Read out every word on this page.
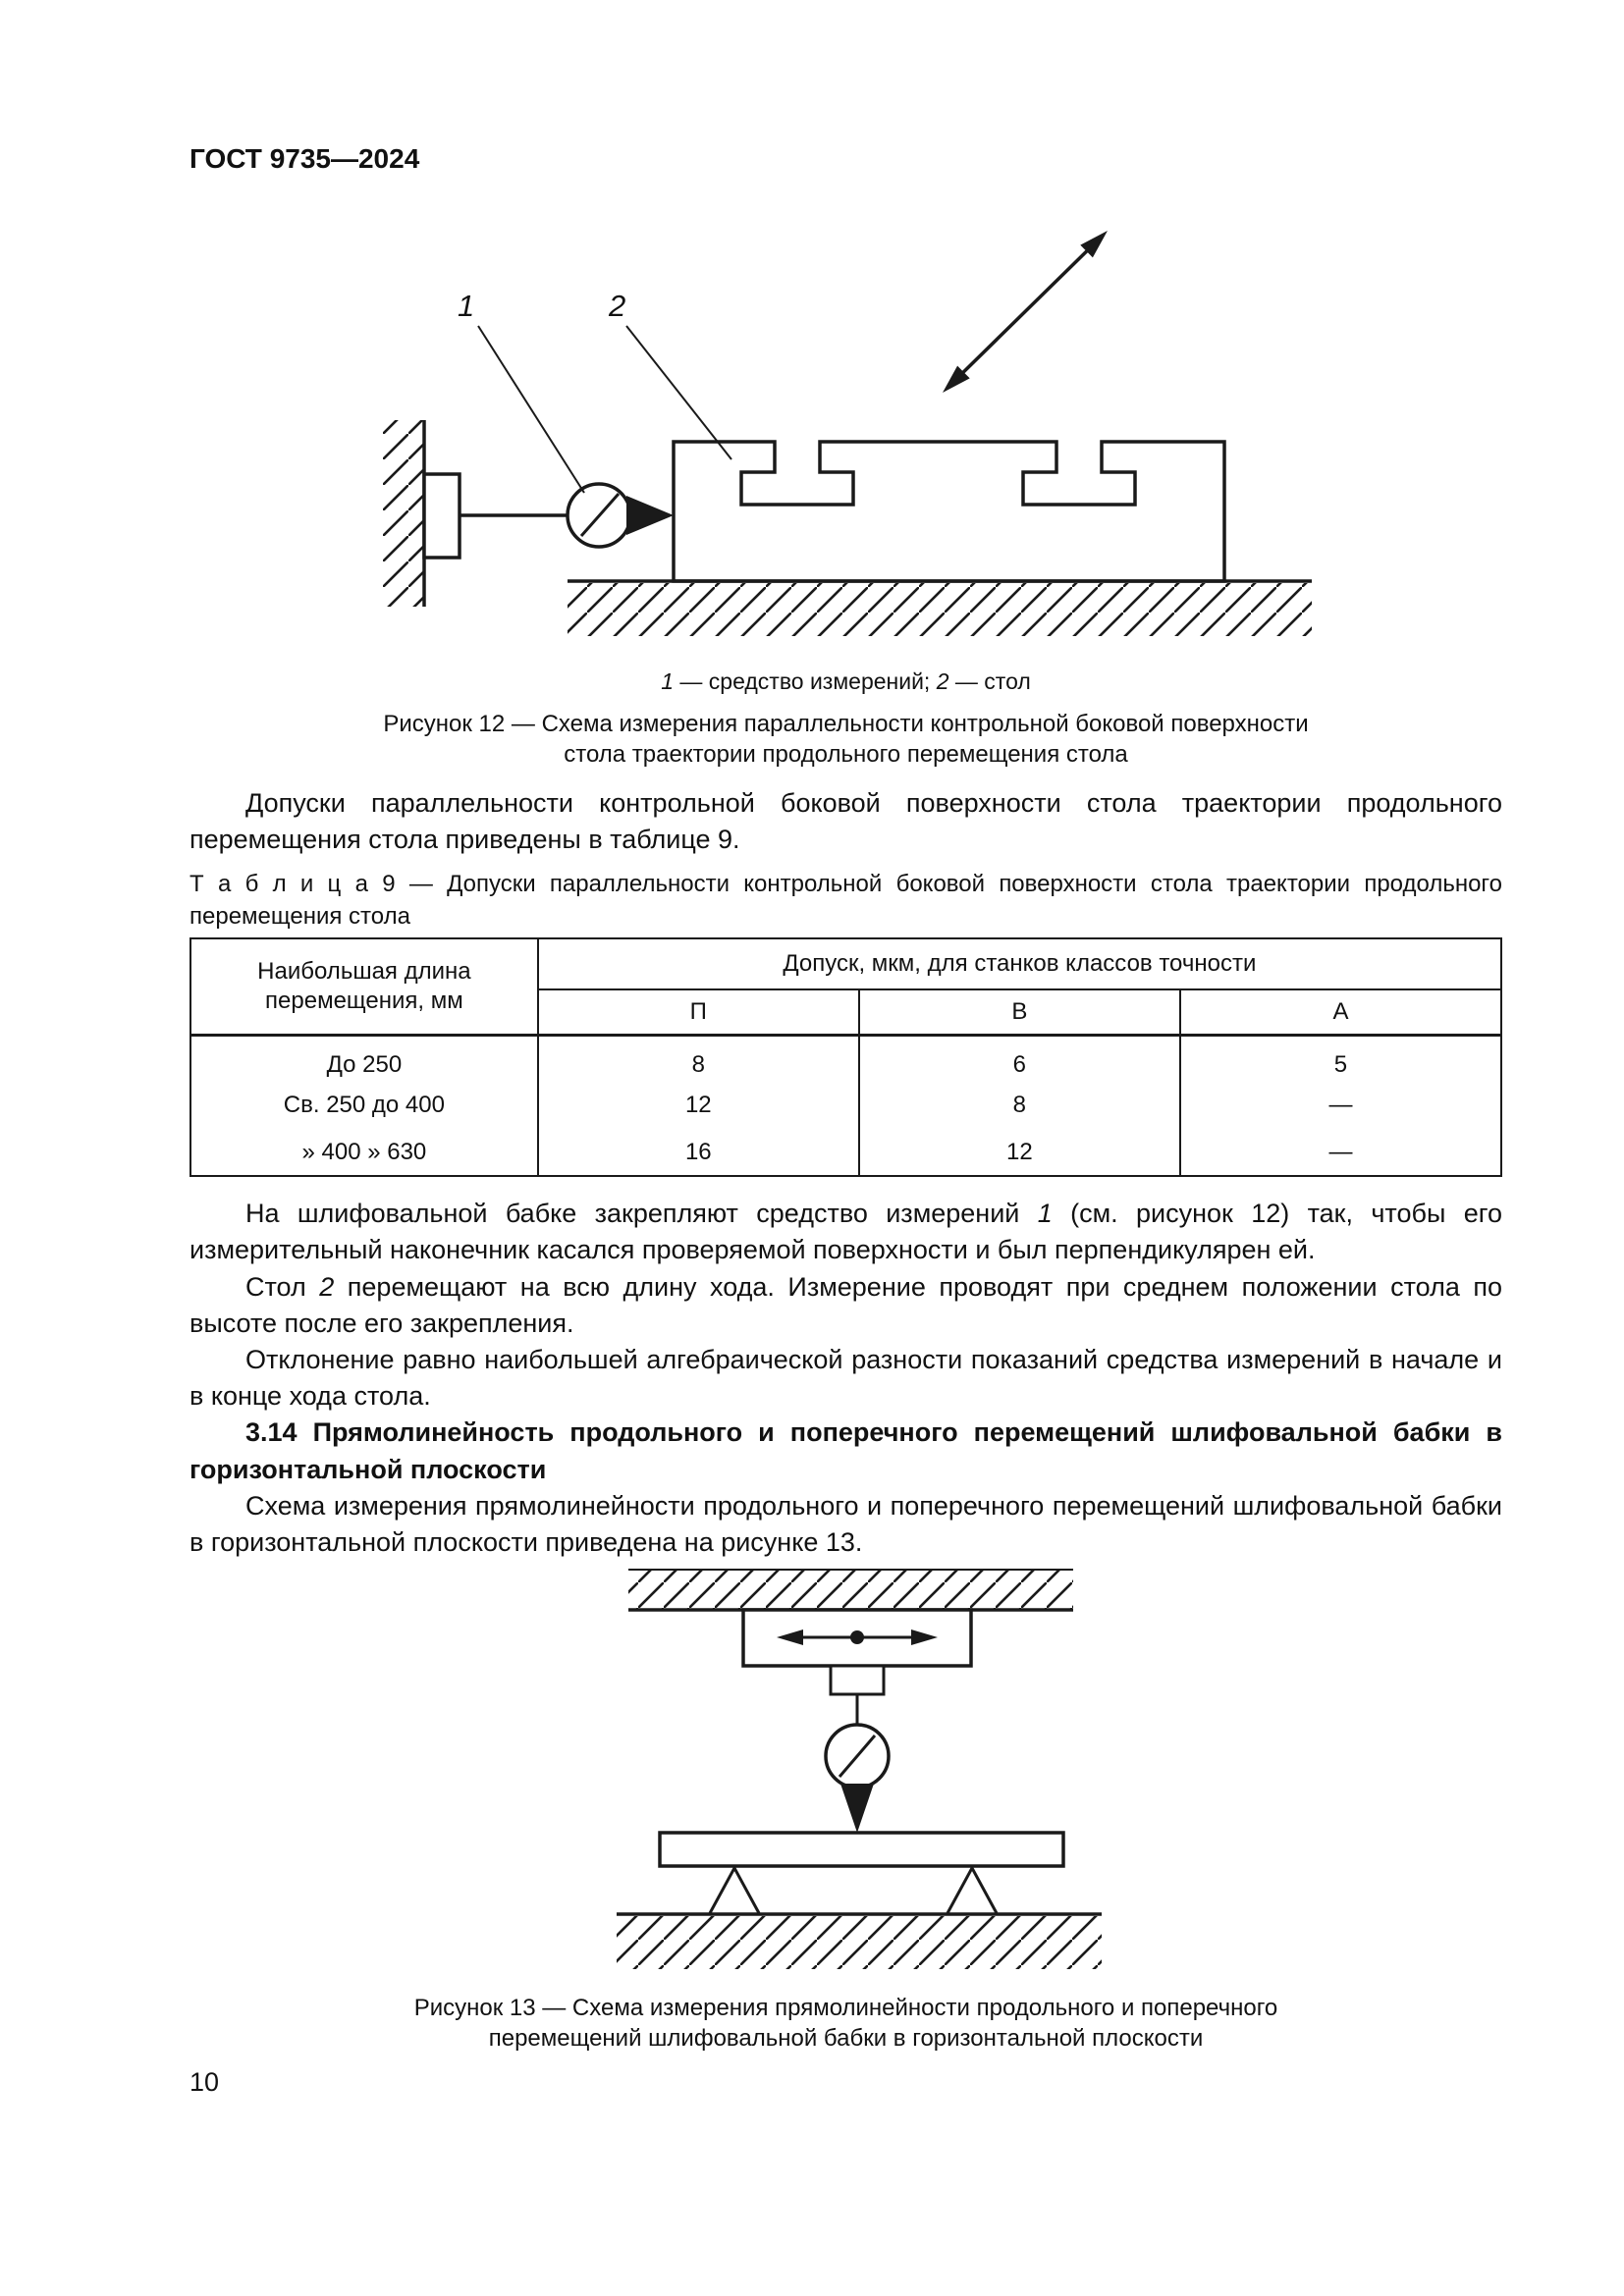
ГОСТ 9735—2024
1	2
1 — средство измерений; 2 — стол
Рисунок 12 — Схема измерения параллельности контрольной боковой поверхности стола траектории продольного перемещения стола
Допуски параллельности контрольной боковой поверхности стола траектории продольного перемещения стола приведены в таблице 9.
Т а б л и ц а 9 — Допуски параллельности контрольной боковой поверхности стола траектории продольного перемещения стола
Наибольшая длина перемещения, мм	Допуск, мкм, для станков классов точности		
	П	В	А
До 250	8	6	5
Св. 250 до 400	12	8	—
» 400 » 630	16	12	—
На шлифовальной бабке закрепляют средство измерений 1 (см. рисунок 12) так, чтобы его измерительный наконечник касался проверяемой поверхности и был перпендикулярен ей.
Стол 2 перемещают на всю длину хода. Измерение проводят при среднем положении стола по высоте после его закрепления.
Отклонение равно наибольшей алгебраической разности показаний средства измерений в начале и в конце хода стола.
3.14 Прямолинейность продольного и поперечного перемещений шлифовальной бабки в горизонтальной плоскости
Схема измерения прямолинейности продольного и поперечного перемещений шлифовальной бабки в горизонтальной плоскости приведена на рисунке 13.
Рисунок 13 — Схема измерения прямолинейности продольного и поперечного перемещений шлифовальной бабки в горизонтальной плоскости
10
